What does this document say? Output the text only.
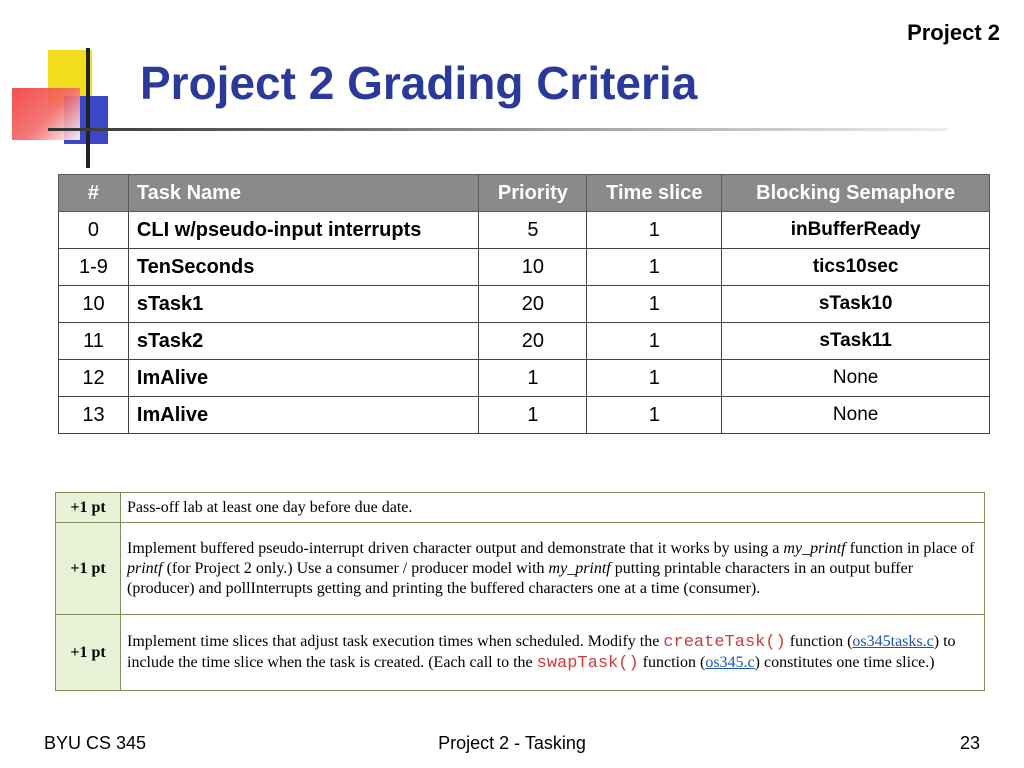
Project 2
Project 2 Grading Criteria
#	Task Name	Priority	Time slice	Blocking Semaphore
0	CLI w/pseudo-input interrupts	5	1	inBufferReady
1-9	TenSeconds	10	1	tics10sec
10	sTask1	20	1	sTask10
11	sTask2	20	1	sTask11
12	ImAlive	1	1	None
13	ImAlive	1	1	None
+1 pt	Pass-off lab at least one day before due date.
+1 pt	Implement buffered pseudo-interrupt driven character output and demonstrate that it works by using a my_printf function in place of printf (for Project 2 only.) Use a consumer / producer model with my_printf putting printable characters in an output buffer (producer) and pollInterrupts getting and printing the buffered characters one at a time (consumer).
+1 pt	Implement time slices that adjust task execution times when scheduled. Modify the createTask() function (os345tasks.c) to include the time slice when the task is created. (Each call to the swapTask() function (os345.c) constitutes one time slice.)
BYU CS 345	Project 2 - Tasking	23
